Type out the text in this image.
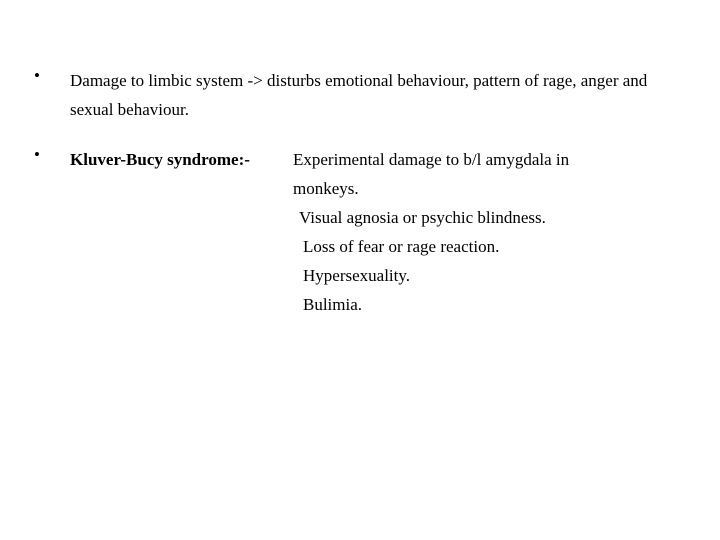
• Damage to limbic system -> disturbs emotional behaviour, pattern of rage, anger and sexual behaviour.
• Kluver-Bucy syndrome:-	Experimental damage to b/l amygdala in
monkeys.
Visual agnosia or psychic blindness.
Loss of fear or rage reaction.
Hypersexuality.
Bulimia.
